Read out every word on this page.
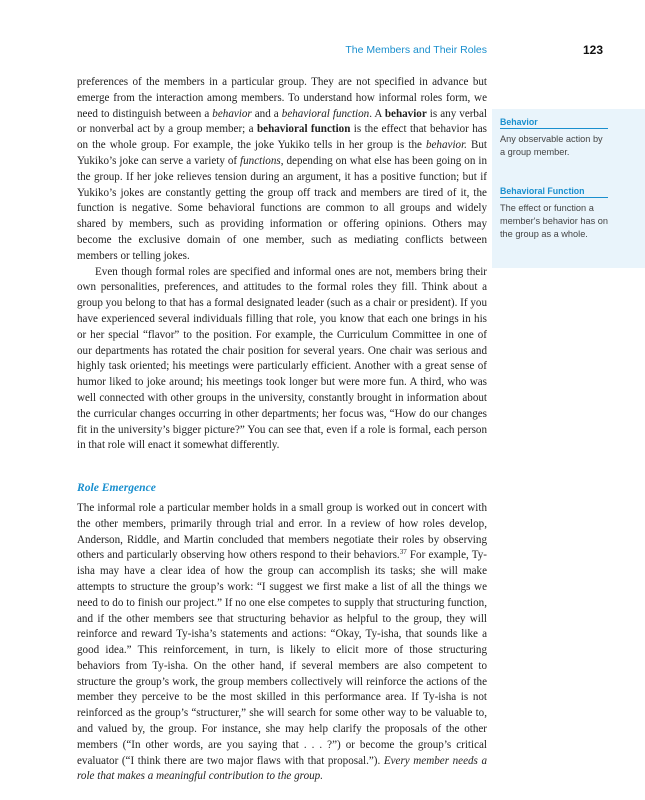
The Members and Their Roles	123
Behavior
Any observable action by a group member.
Behavioral Function
The effect or function a member's behavior has on the group as a whole.

preferences of the members in a particular group. They are not specified in advance but emerge from the interaction among members. To understand how informal roles form, we need to distinguish between a behavior and a behavioral function. A behavior is any verbal or nonverbal act by a group member; a behavioral function is the effect that behavior has on the whole group. For example, the joke Yukiko tells in her group is the behavior. But Yukiko’s joke can serve a variety of functions, depending on what else has been going on in the group. If her joke relieves tension during an argument, it has a positive function; but if Yukiko’s jokes are constantly getting the group off track and members are tired of it, the function is negative. Some behavioral functions are common to all groups and widely shared by members, such as providing information or offering opinions. Others may become the exclusive domain of one member, such as mediating conflicts between members or telling jokes.

Even though formal roles are specified and informal ones are not, members bring their own personalities, preferences, and attitudes to the formal roles they fill. Think about a group you belong to that has a formal designated leader (such as a chair or president). If you have experienced several individuals filling that role, you know that each one brings in his or her special “flavor” to the position. For example, the Curriculum Committee in one of our departments has rotated the chair position for several years. One chair was serious and highly task oriented; his meetings were particularly efficient. Another with a great sense of humor liked to joke around; his meetings took longer but were more fun. A third, who was well connected with other groups in the university, constantly brought in information about the curricular changes occurring in other departments; her focus was, “How do our changes fit in the university’s bigger picture?” You can see that, even if a role is formal, each person in that role will enact it somewhat differently.

Role Emergence

The informal role a particular member holds in a small group is worked out in concert with the other members, primarily through trial and error. In a review of how roles develop, Anderson, Riddle, and Martin concluded that members negotiate their roles by observing others and particularly observing how others respond to their behaviors.$^{37}$ For example, Ty-isha may have a clear idea of how the group can accomplish its tasks; she will make attempts to structure the group’s work: “I suggest we first make a list of all the things we need to do to finish our project.” If no one else competes to supply that structuring function, and if the other members see that structuring behavior as helpful to the group, they will reinforce and reward Ty-isha’s statements and actions: “Okay, Ty-isha, that sounds like a good idea.” This reinforcement, in turn, is likely to elicit more of those structuring behaviors from Ty-isha. On the other hand, if several members are also competent to structure the group’s work, the group members collectively will reinforce the actions of the member they perceive to be the most skilled in this performance area. If Ty-isha is not reinforced as the group’s “structurer,” she will search for some other way to be valuable to, and valued by, the group. For instance, she may help clarify the proposals of the other members (“In other words, are you saying that . . . ?”) or become the group’s critical evaluator (“I think there are two major flaws with that proposal.”). Every member needs a role that makes a meaningful contribution to the group.
